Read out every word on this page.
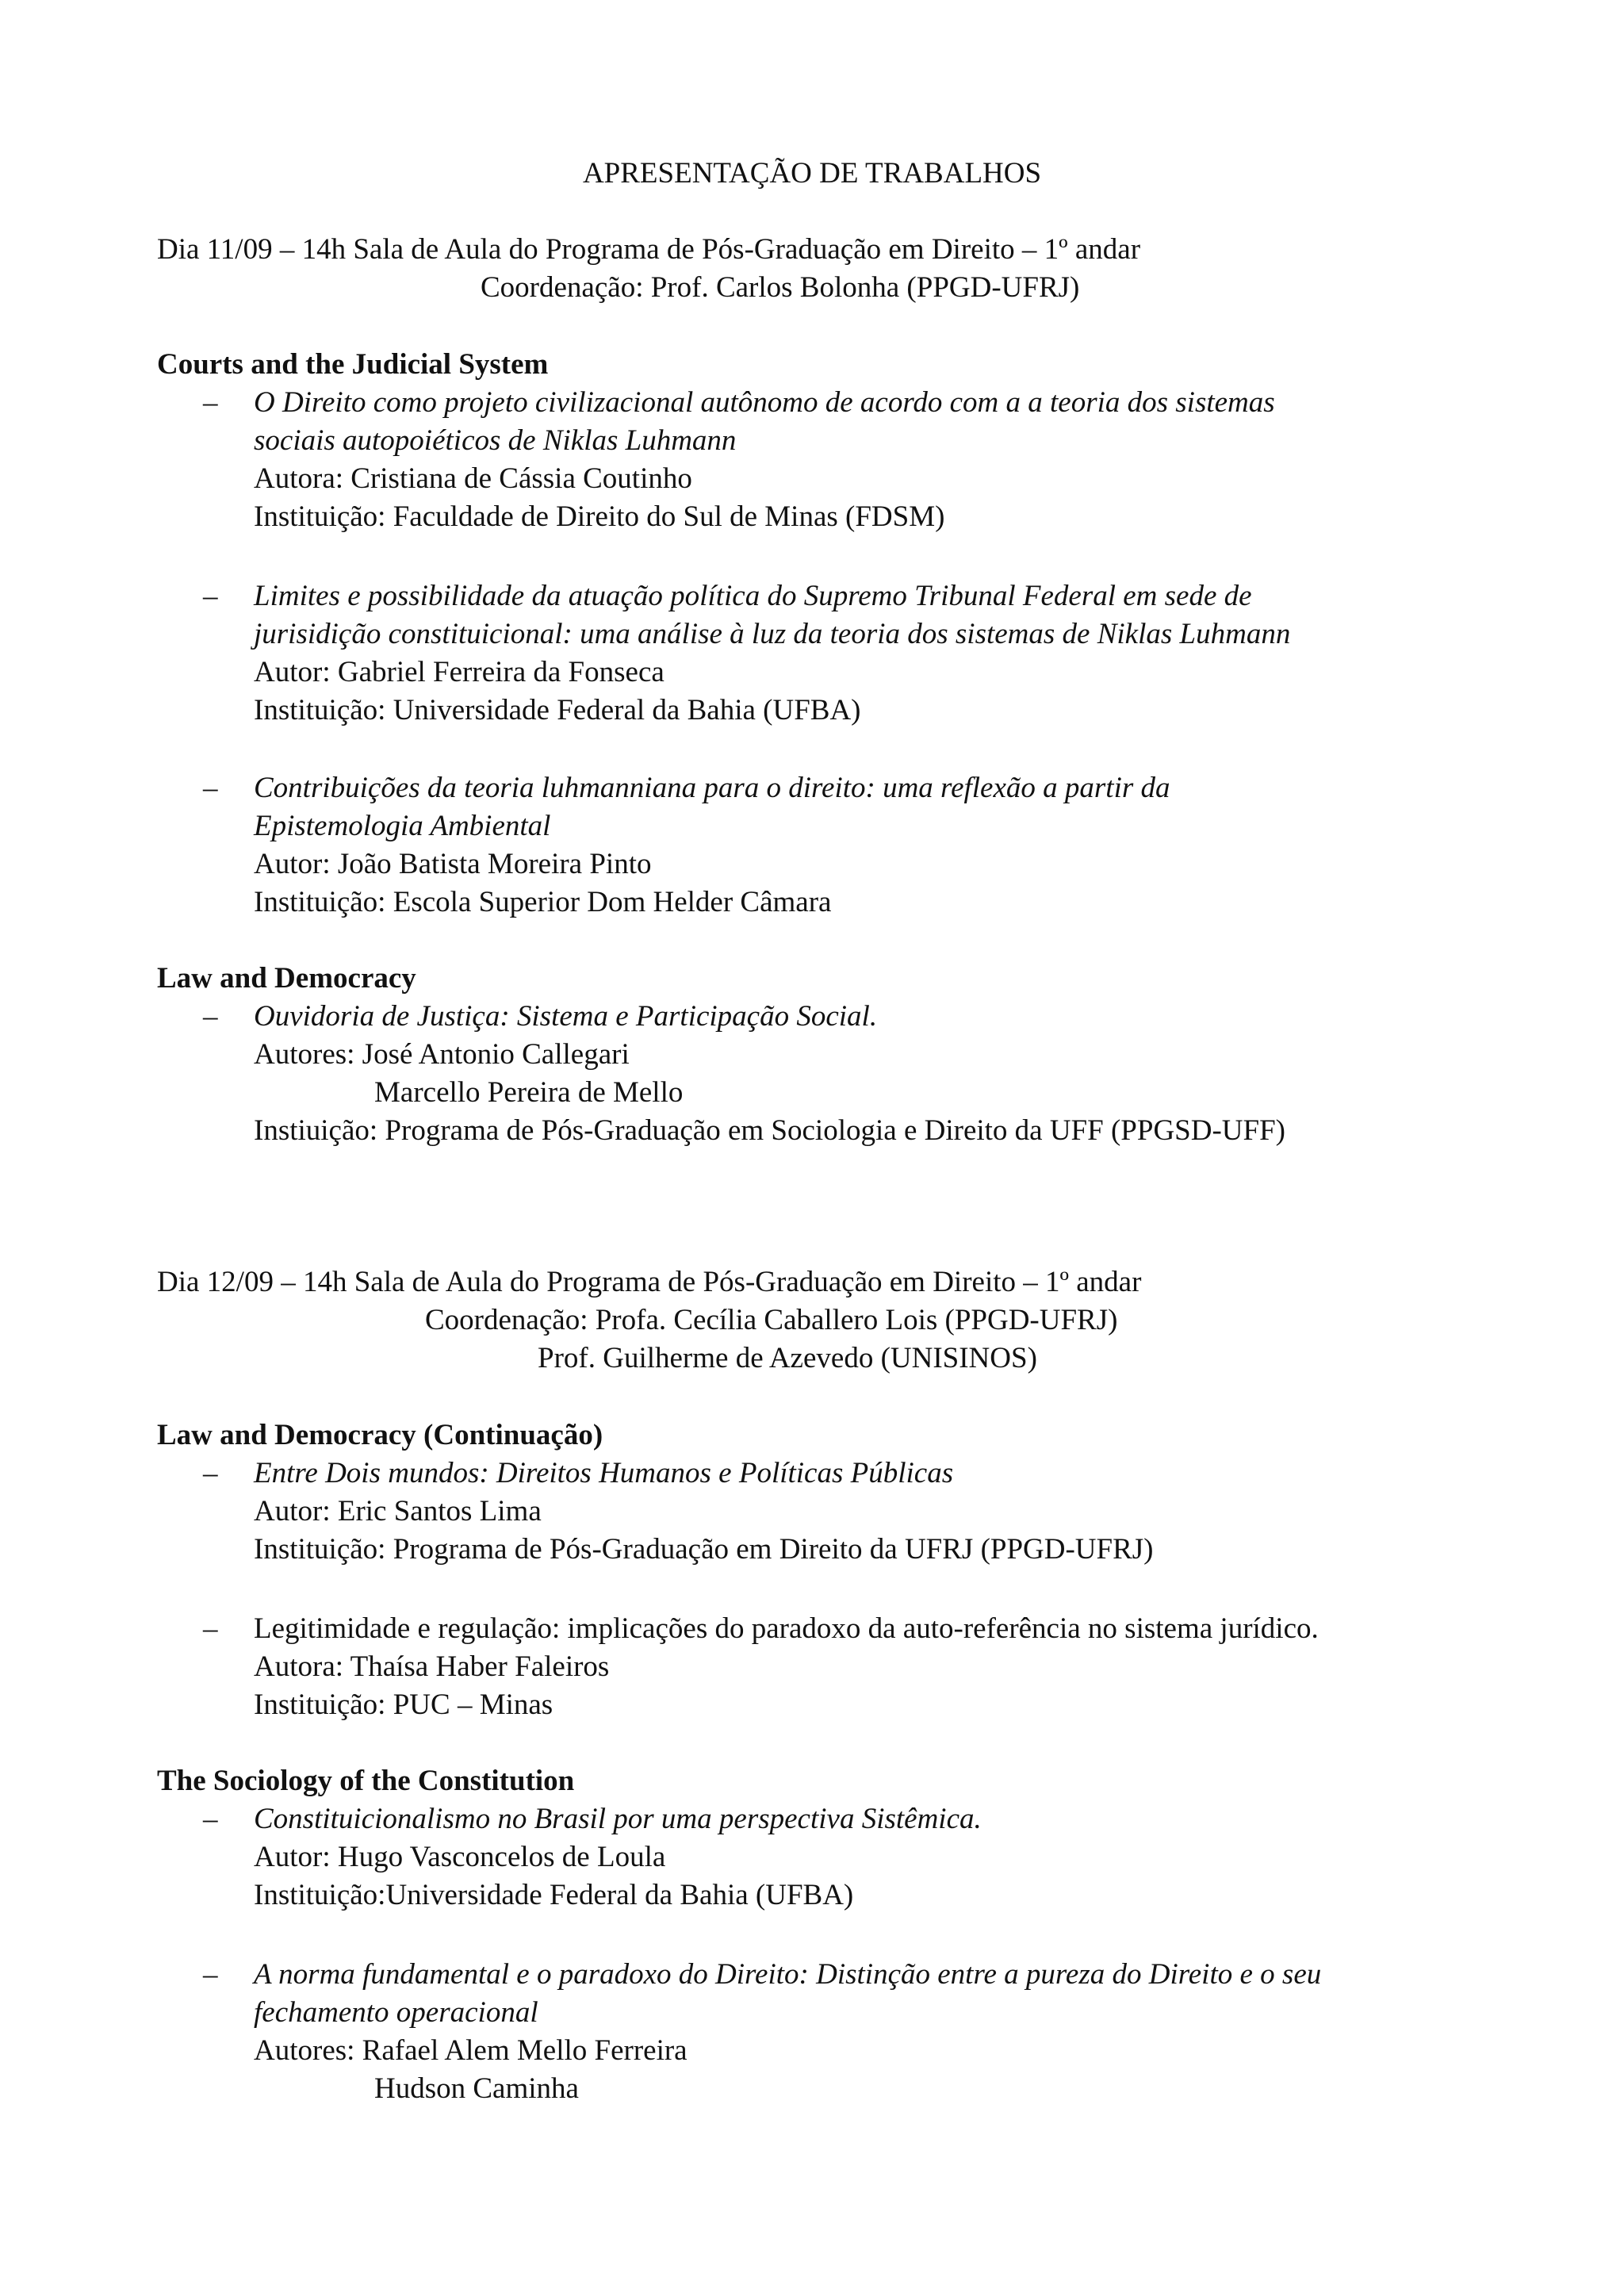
APRESENTAÇÃO DE TRABALHOS
Dia 11/09 – 14h Sala de Aula do Programa de Pós-Graduação em Direito – 1º andar
Coordenação: Prof. Carlos Bolonha (PPGD-UFRJ)
Courts and the Judicial System
– O Direito como projeto civilizacional autônomo de acordo com a a teoria dos sistemas
sociais autopoiéticos de Niklas Luhmann
Autora: Cristiana de Cássia Coutinho
Instituição: Faculdade de Direito do Sul de Minas (FDSM)
– Limites e possibilidade da atuação política do Supremo Tribunal Federal em sede de
jurisidição constituicional: uma análise à luz da teoria dos sistemas de Niklas Luhmann
Autor: Gabriel Ferreira da Fonseca
Instituição: Universidade Federal da Bahia (UFBA)
– Contribuições da teoria luhmanniana para o direito: uma reflexão a partir da
Epistemologia Ambiental
Autor: João Batista Moreira Pinto
Instituição: Escola Superior Dom Helder Câmara
Law and Democracy
– Ouvidoria de Justiça: Sistema e Participação Social.
Autores: José Antonio Callegari
Marcello Pereira de Mello
Instiuição: Programa de Pós-Graduação em Sociologia e Direito da UFF (PPGSD-UFF)
Dia 12/09 – 14h Sala de Aula do Programa de Pós-Graduação em Direito – 1º andar
Coordenação: Profa. Cecília Caballero Lois (PPGD-UFRJ)
Prof. Guilherme de Azevedo (UNISINOS)
Law and Democracy (Continuação)
– Entre Dois mundos: Direitos Humanos e Políticas Públicas
Autor: Eric Santos Lima
Instituição: Programa de Pós-Graduação em Direito da UFRJ (PPGD-UFRJ)
– Legitimidade e regulação: implicações do paradoxo da auto-referência no sistema jurídico.
Autora: Thaísa Haber Faleiros
Instituição: PUC – Minas
The Sociology of the Constitution
– Constituicionalismo no Brasil por uma perspectiva Sistêmica.
Autor: Hugo Vasconcelos de Loula
Instituição:Universidade Federal da Bahia (UFBA)
– A norma fundamental e o paradoxo do Direito: Distinção entre a pureza do Direito e o seu
fechamento operacional
Autores: Rafael Alem Mello Ferreira
Hudson Caminha
